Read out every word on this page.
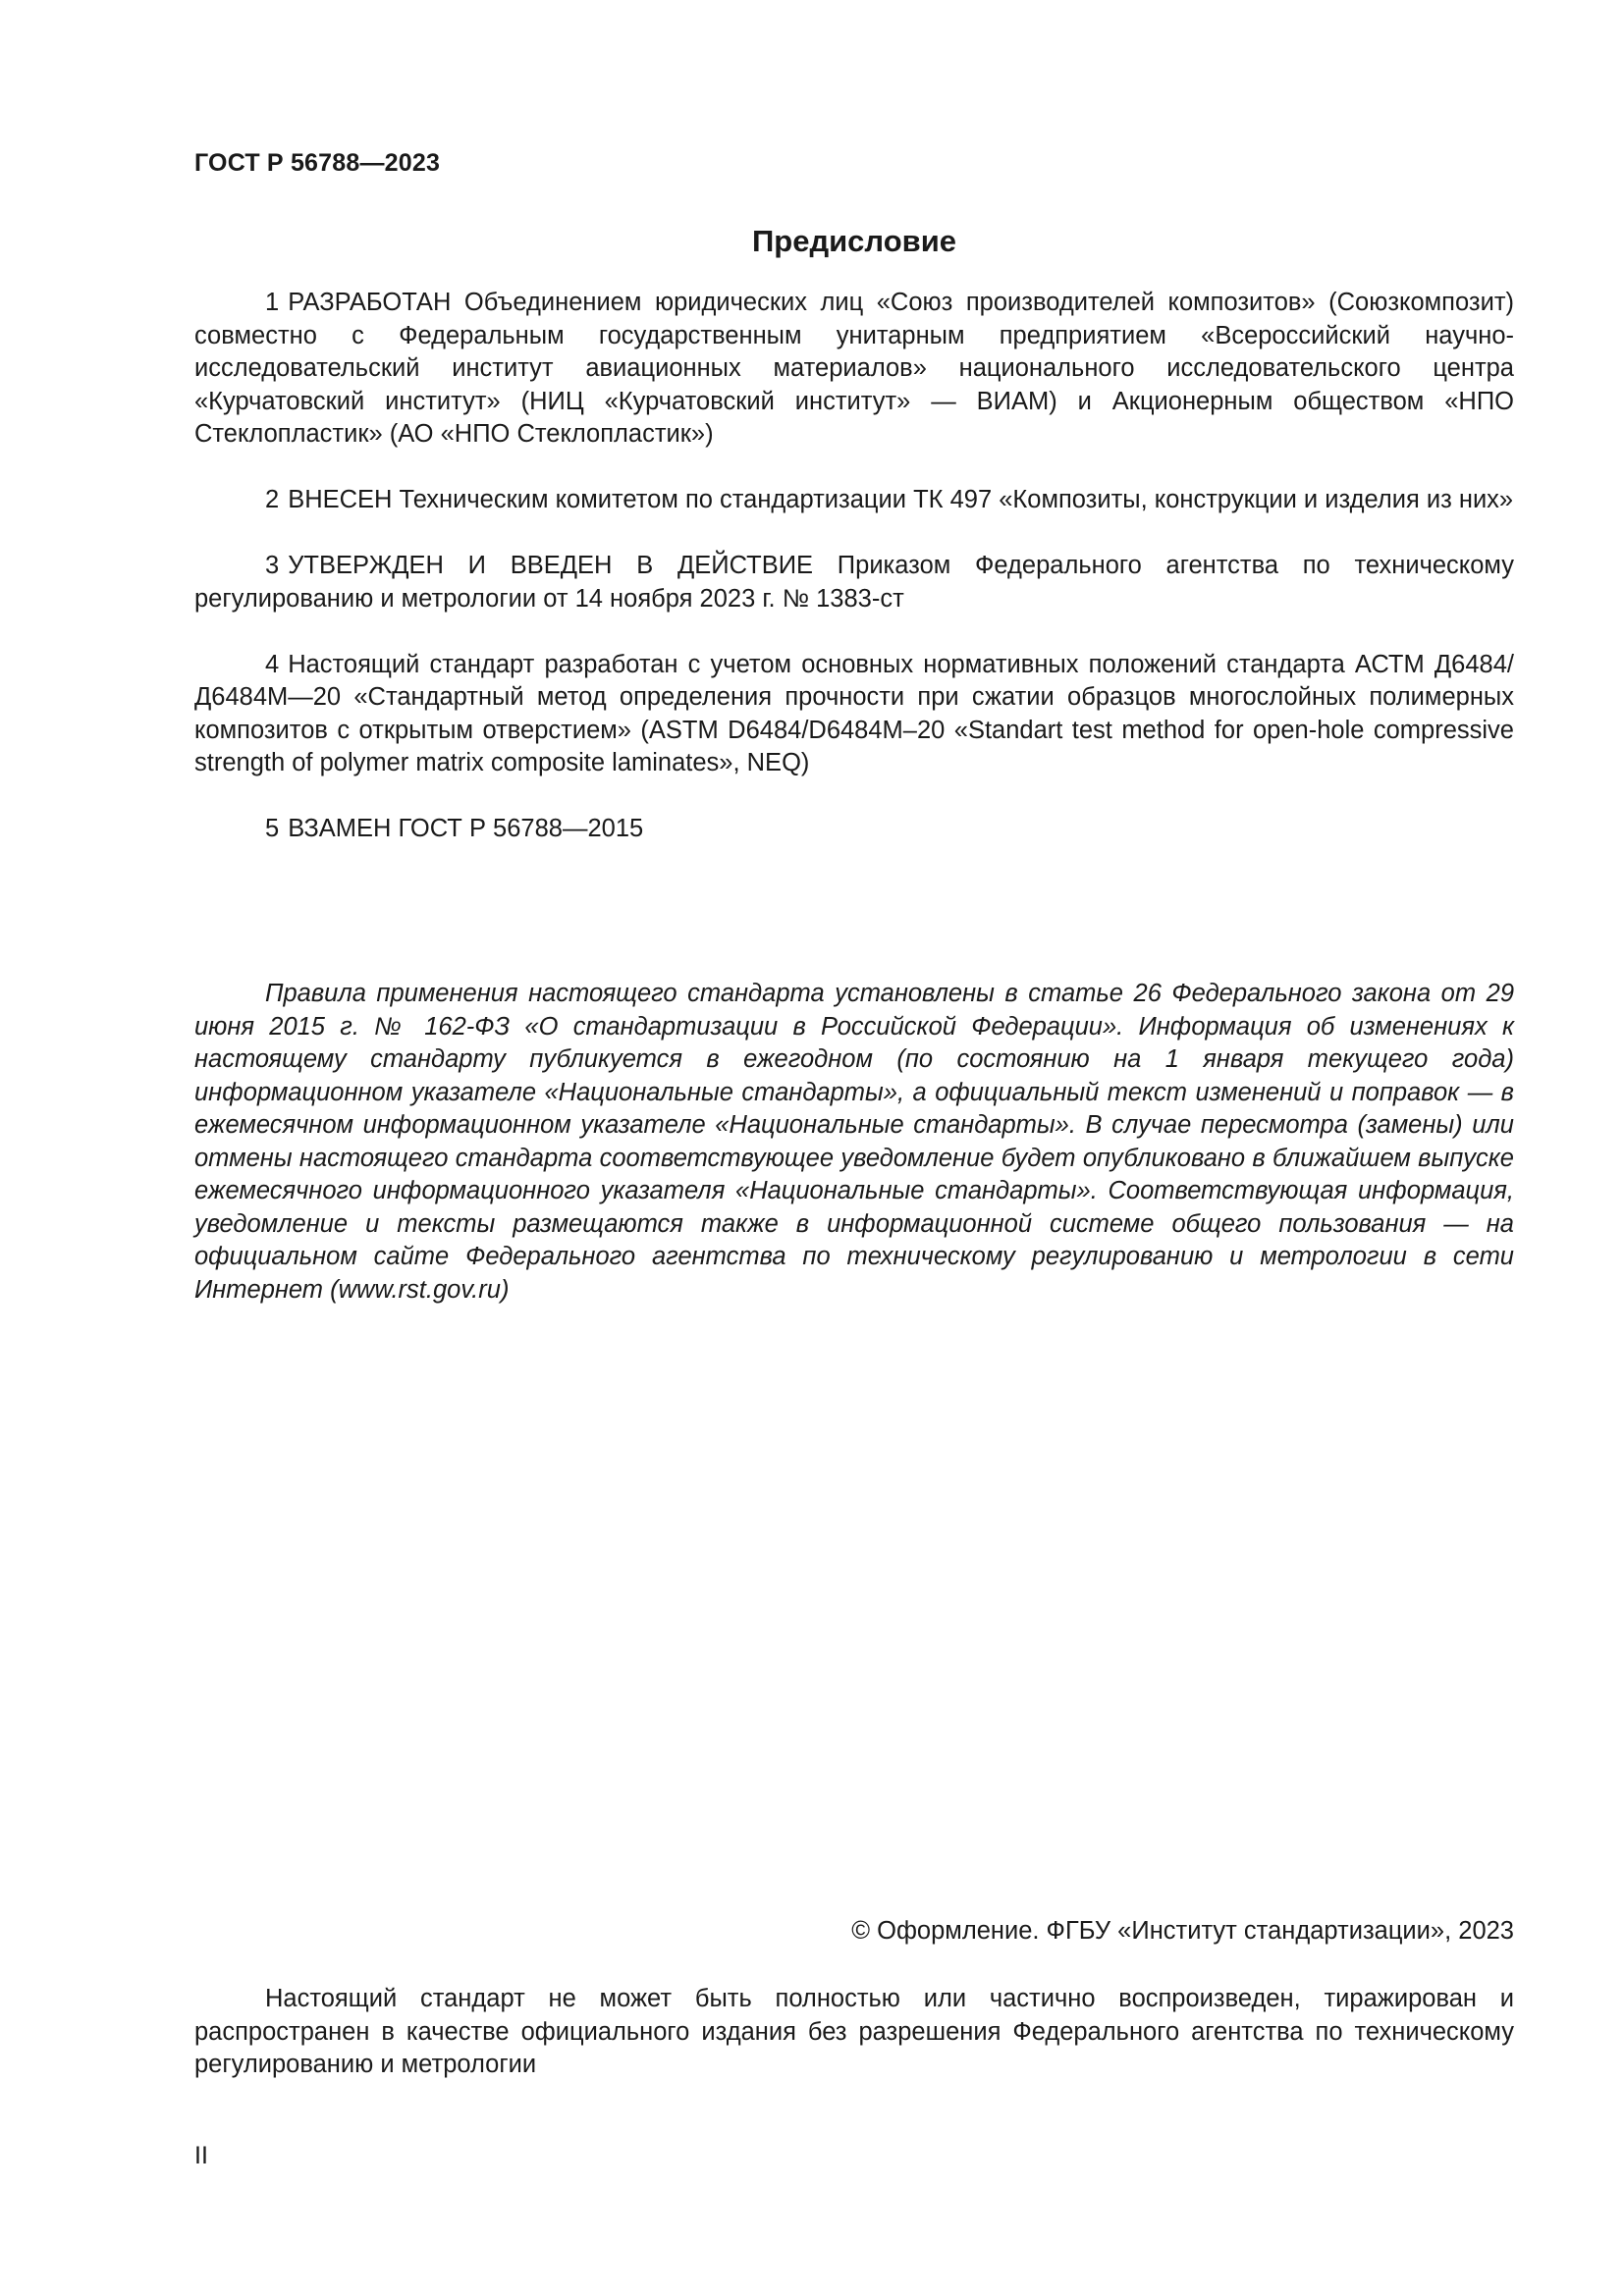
ГОСТ Р 56788—2023
Предисловие

1 РАЗРАБОТАН Объединением юридических лиц «Союз производителей композитов» (Союзкомпозит) совместно с Федеральным государственным унитарным предприятием «Всероссийский научно-исследовательский институт авиационных материалов» национального исследовательского центра «Курчатовский институт» (НИЦ «Курчатовский институт» — ВИАМ) и Акционерным обществом «НПО Стеклопластик» (АО «НПО Стеклопластик»)

2 ВНЕСЕН Техническим комитетом по стандартизации ТК 497 «Композиты, конструкции и изделия из них»

3 УТВЕРЖДЕН И ВВЕДЕН В ДЕЙСТВИЕ Приказом Федерального агентства по техническому регулированию и метрологии от 14 ноября 2023 г. № 1383-ст

4 Настоящий стандарт разработан с учетом основных нормативных положений стандарта АСТМ Д6484/Д6484М—20 «Стандартный метод определения прочности при сжатии образцов многослойных полимерных композитов с открытым отверстием» (ASTM D6484/D6484M–20 «Standart test method for open-hole compressive strength of polymer matrix composite laminates», NEQ)

5 ВЗАМЕН ГОСТ Р 56788—2015

Правила применения настоящего стандарта установлены в статье 26 Федерального закона от 29 июня 2015 г. № 162-ФЗ «О стандартизации в Российской Федерации». Информация об изменениях к настоящему стандарту публикуется в ежегодном (по состоянию на 1 января текущего года) информационном указателе «Национальные стандарты», а официальный текст изменений и поправок — в ежемесячном информационном указателе «Национальные стандарты». В случае пересмотра (замены) или отмены настоящего стандарта соответствующее уведомление будет опубликовано в ближайшем выпуске ежемесячного информационного указателя «Национальные стандарты». Соответствующая информация, уведомление и тексты размещаются также в информационной системе общего пользования — на официальном сайте Федерального агентства по техническому регулированию и метрологии в сети Интернет (www.rst.gov.ru)

© Оформление. ФГБУ «Институт стандартизации», 2023

Настоящий стандарт не может быть полностью или частично воспроизведен, тиражирован и распространен в качестве официального издания без разрешения Федерального агентства по техническому регулированию и метрологии

II
